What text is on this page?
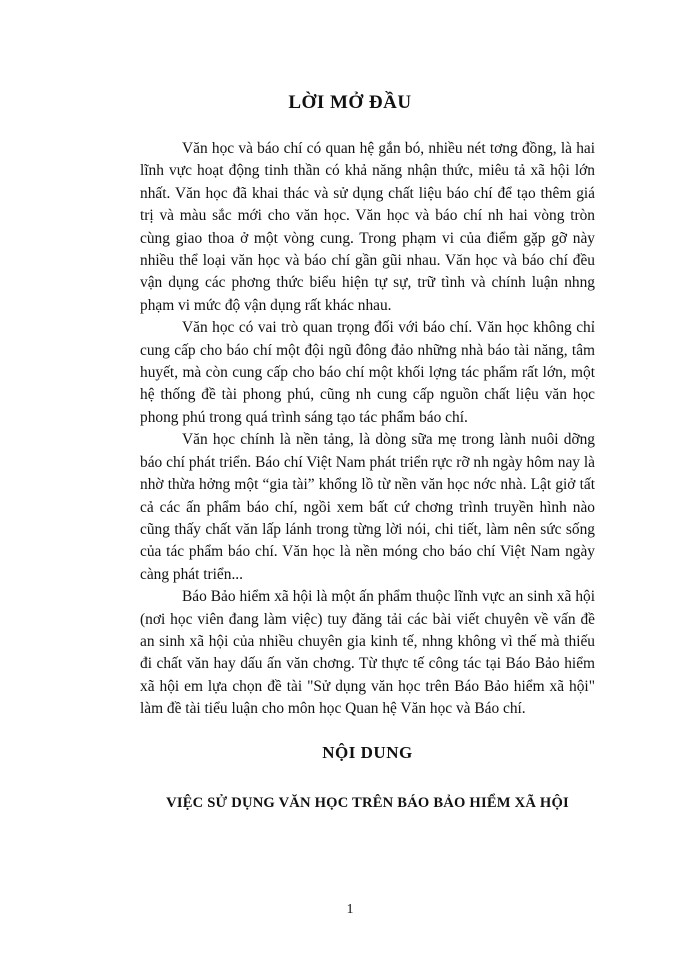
LỜI MỞ ĐẦU

Văn học và báo chí có quan hệ gắn bó, nhiều nét tơng đồng, là hai lĩnh vực hoạt động tinh thần có khả năng nhận thức, miêu tả xã hội lớn nhất. Văn học đã khai thác và sử dụng chất liệu báo chí để tạo thêm giá trị và màu sắc mới cho văn học. Văn học và báo chí nh hai vòng tròn cùng giao thoa ở một vòng cung. Trong phạm vi của điểm gặp gỡ này nhiều thể loại văn học và báo chí gần gũi nhau. Văn học và báo chí đều vận dụng các phơng thức biểu hiện tự sự, trữ tình và chính luận nhng phạm vi mức độ vận dụng rất khác nhau.

Văn học có vai trò quan trọng đối với báo chí. Văn học không chỉ cung cấp cho báo chí một đội ngũ đông đảo những nhà báo tài năng, tâm huyết, mà còn cung cấp cho báo chí một khối lợng tác phẩm rất lớn, một hệ thống đề tài phong phú, cũng nh cung cấp nguồn chất liệu văn học phong phú trong quá trình sáng tạo tác phẩm báo chí.

Văn học chính là nền tảng, là dòng sữa mẹ trong lành nuôi dỡng báo chí phát triển. Báo chí Việt Nam phát triển rực rỡ nh ngày hôm nay là nhờ thừa hởng một “gia tài” khổng lồ từ nền văn học nớc nhà. Lật giở tất cả các ấn phẩm báo chí, ngồi xem bất cứ chơng trình truyền hình nào cũng thấy chất văn lấp lánh trong từng lời nói, chi tiết, làm nên sức sống của tác phẩm báo chí. Văn học là nền móng cho báo chí Việt Nam ngày càng phát triển...

Báo Bảo hiểm xã hội là một ấn phẩm thuộc lĩnh vực an sinh xã hội (nơi học viên đang làm việc) tuy đăng tải các bài viết chuyên về vấn đề an sinh xã hội của nhiều chuyên gia kinh tế, nhng không vì thế mà thiếu đi chất văn hay dấu ấn văn chơng. Từ thực tế công tác tại Báo Bảo hiểm xã hội em lựa chọn đề tài "Sử dụng văn học trên Báo Bảo hiểm xã hội" làm đề tài tiểu luận cho môn học Quan hệ Văn học và Báo chí.

NỘI DUNG
VIỆC SỬ DỤNG VĂN HỌC TRÊN BÁO BẢO HIỂM XÃ HỘI
1
